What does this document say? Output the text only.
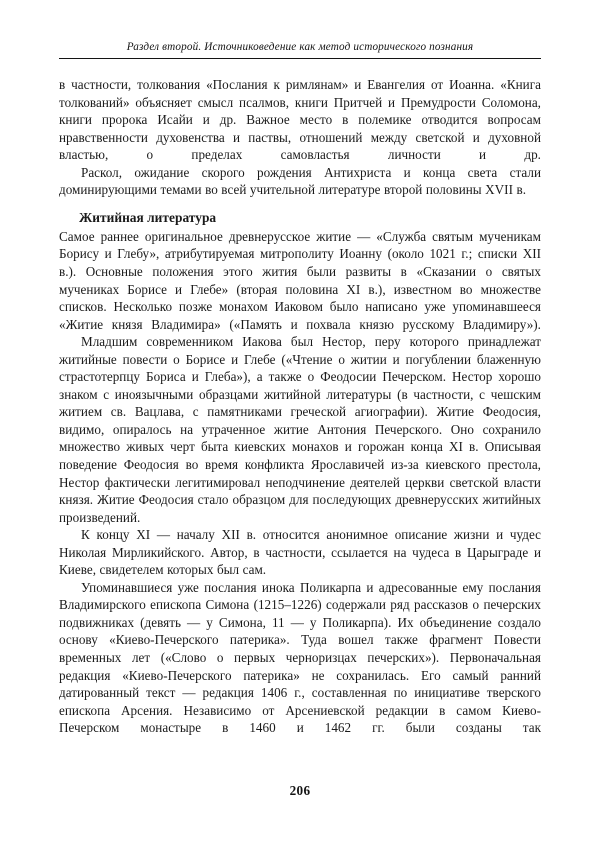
Раздел второй. Источниковедение как метод исторического познания

в частности, толкования «Послания к римлянам» и Евангелия от Иоанна. «Книга толкований» объясняет смысл псалмов, книги Притчей и Премудрости Соломона, книги пророка Исайи и др. Важное место в полемике отводится вопросам нравственности духовенства и паствы, отношений между светской и духовной властью, о пределах самовластья личности и др.

Раскол, ожидание скорого рождения Антихриста и конца света стали доминирующими темами во всей учительной литературе второй половины XVII в.

Житийная литература

Самое раннее оригинальное древнерусское житие — «Служба святым мученикам Борису и Глебу», атрибутируемая митрополиту Иоанну (около 1021 г.; списки XII в.). Основные положения этого жития были развиты в «Сказании о святых мучениках Борисе и Глебе» (вторая половина XI в.), известном во множестве списков. Несколько позже монахом Иаковом было написано уже упоминавшееся «Житие князя Владимира» («Память и похвала князю русскому Владимиру»).

Младшим современником Иакова был Нестор, перу которого принадлежат житийные повести о Борисе и Глебе («Чтение о житии и погублении блаженную страстотерпцу Бориса и Глеба»), а также о Феодосии Печерском. Нестор хорошо знаком с иноязычными образцами житийной литературы (в частности, с чешским житием св. Вацлава, с памятниками греческой агиографии). Житие Феодосия, видимо, опиралось на утраченное житие Антония Печерского. Оно сохранило множество живых черт быта киевских монахов и горожан конца XI в. Описывая поведение Феодосия во время конфликта Ярославичей из-за киевского престола, Нестор фактически легитимировал неподчинение деятелей церкви светской власти князя. Житие Феодосия стало образцом для последующих древнерусских житийных произведений.

К концу XI — началу XII в. относится анонимное описание жизни и чудес Николая Мирликийского. Автор, в частности, ссылается на чудеса в Царыграде и Киеве, свидетелем которых был сам.

Упоминавшиеся уже послания инока Поликарпа и адресованные ему послания Владимирского епископа Симона (1215–1226) содержали ряд рассказов о печерских подвижниках (девять — у Симона, 11 — у Поликарпа). Их объединение создало основу «Киево-Печерского патерика». Туда вошел также фрагмент Повести временных лет («Слово о первых черноризцах печерских»). Первоначальная редакция «Киево-Печерского патерика» не сохранилась. Его самый ранний датированный текст — редакция 1406 г., составленная по инициативе тверского епископа Арсения. Независимо от Арсениевской редакции в самом Киево-Печерском монастыре в 1460 и 1462 гг. были созданы так

206
